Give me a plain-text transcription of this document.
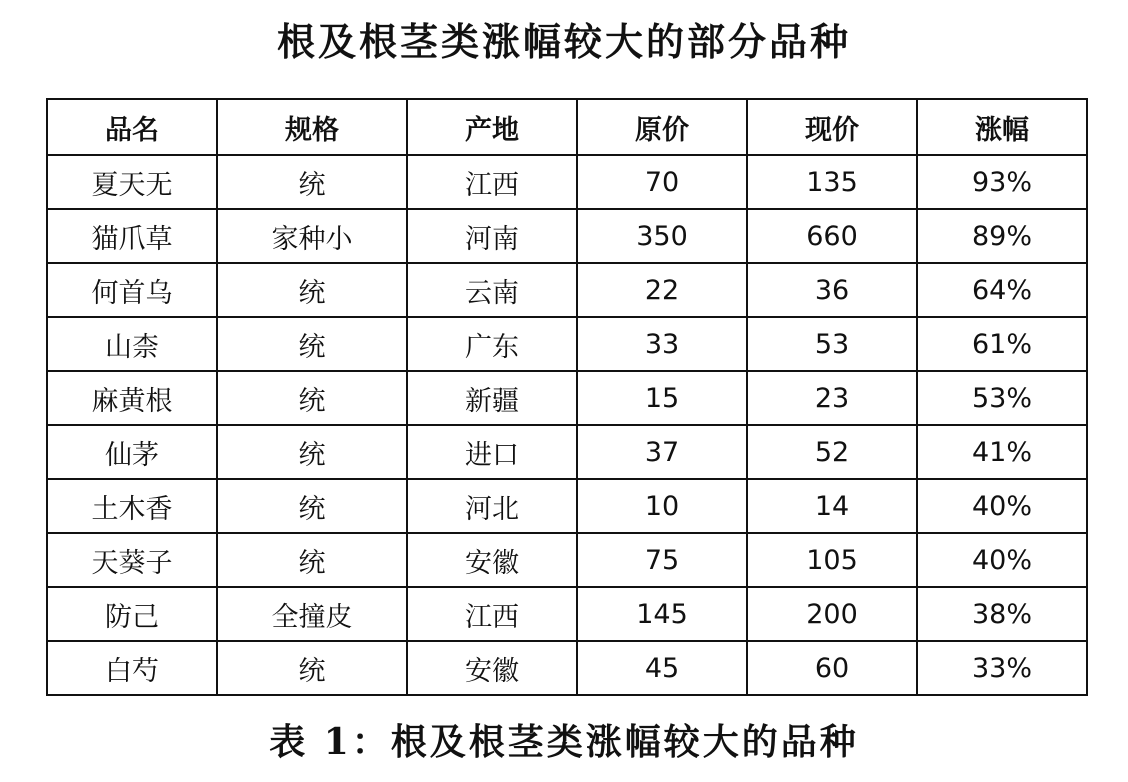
根及根茎类涨幅较大的部分品种
品名	规格	产地	原价	现价	涨幅
夏天无	统	江西	70	135	93%
猫爪草	家种小	河南	350	660	89%
何首乌	统	云南	22	36	64%
山柰	统	广东	33	53	61%
麻黄根	统	新疆	15	23	53%
仙茅	统	进口	37	52	41%
土木香	统	河北	10	14	40%
天葵子	统	安徽	75	105	40%
防己	全撞皮	江西	145	200	38%
白芍	统	安徽	45	60	33%
表 1：根及根茎类涨幅较大的品种
